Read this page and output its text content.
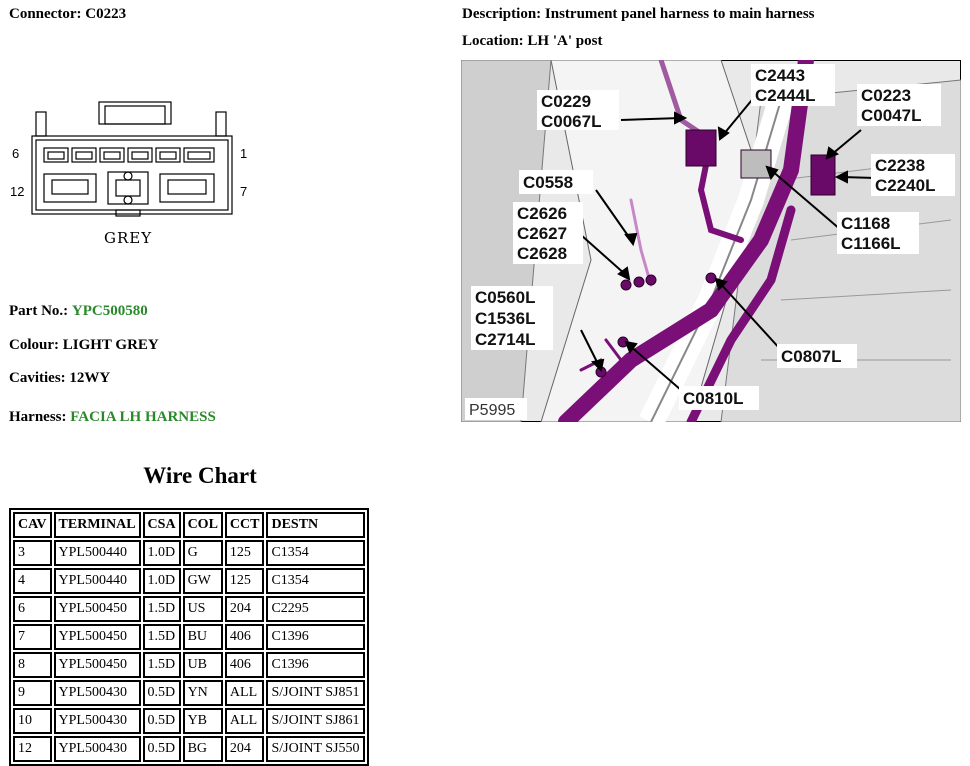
Connector: C0223	Description: Instrument panel harness to main harness
Location: LH 'A' post
6	1
12	7
GREY
Part No.: YPC500580
Colour: LIGHT GREY
Cavities: 12WY
Harness: FACIA LH HARNESS
C0229
C0067L
C2443
C2444L	C0223
C0047L
C2238
C2240L
C0558
C2626
C2627
C2628
C1168
C1166L
C0560L
C1536L
C2714L
C0807L
C0810L
P5995
Wire Chart
CAV	TERMINAL	CSA	COL	CCT	DESTN
3	YPL500440	1.0D	G	125	C1354
4	YPL500440	1.0D	GW	125	C1354
6	YPL500450	1.5D	US	204	C2295
7	YPL500450	1.5D	BU	406	C1396
8	YPL500450	1.5D	UB	406	C1396
9	YPL500430	0.5D	YN	ALL	S/JOINT SJ851
10	YPL500430	0.5D	YB	ALL	S/JOINT SJ861
12	YPL500430	0.5D	BG	204	S/JOINT SJ550
